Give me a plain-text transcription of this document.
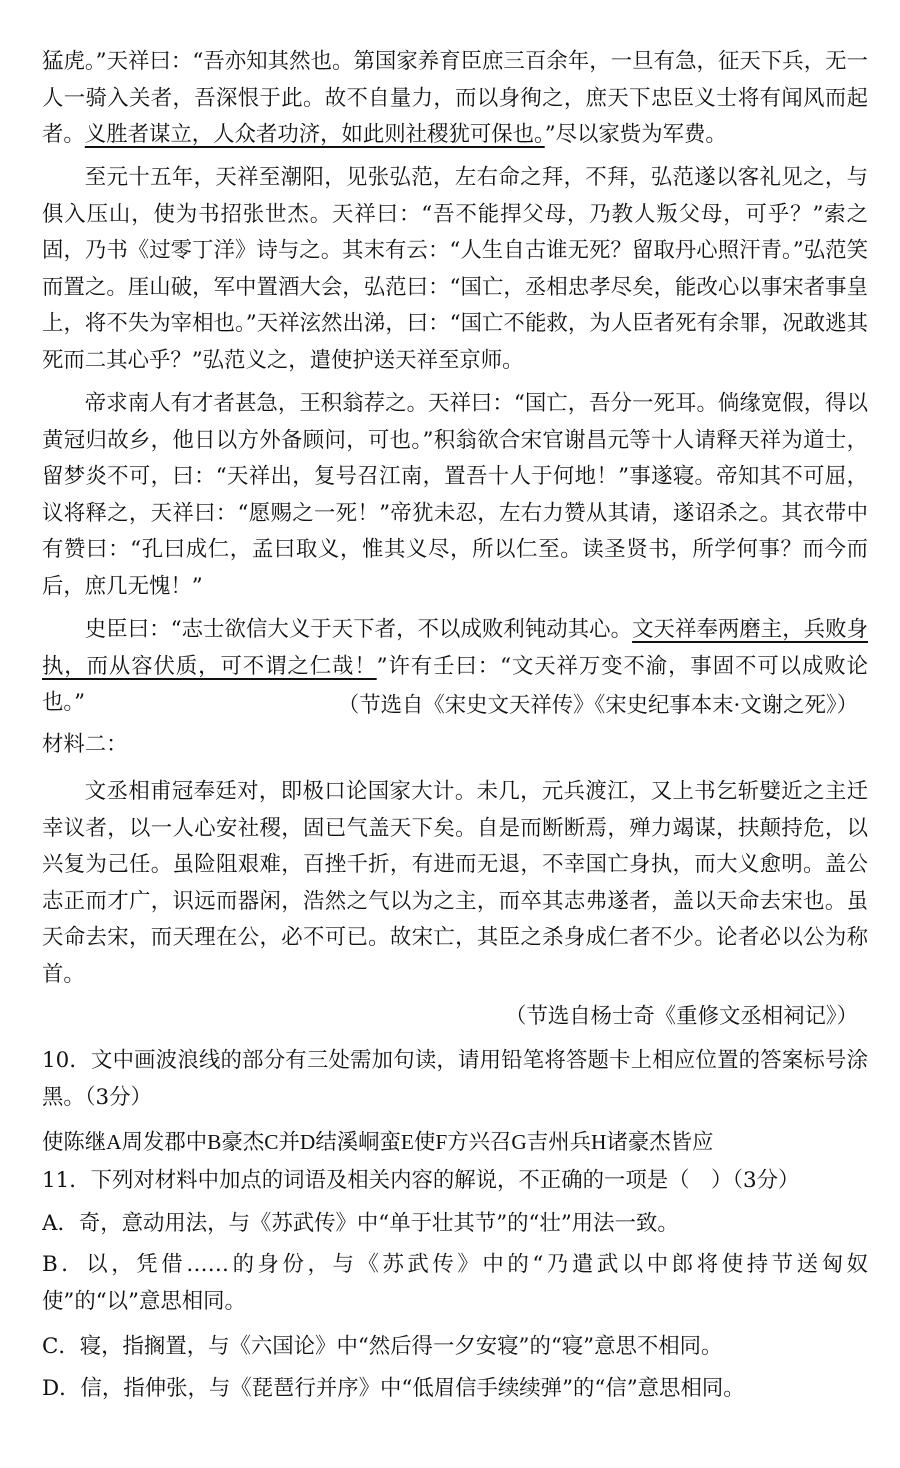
猛虎。”天祥曰：“吾亦知其然也。第国家养育臣庶三百余年，一旦有急，征天下兵，无一人一骑入关者，吾深恨于此。故不自量力，而以身徇之，庶天下忠臣义士将有闻风而起者。义胜者谋立，人众者功济，如此则社稷犹可保也。”尽以家赀为军费。

至元十五年，天祥至潮阳，见张弘范，左右命之拜，不拜，弘范遂以客礼见之，与俱入压山，使为书招张世杰。天祥曰：“吾不能捍父母，乃教人叛父母，可乎？”索之固，乃书《过零丁洋》诗与之。其末有云：“人生自古谁无死？留取丹心照汗青。”弘范笑而置之。厓山破，军中置酒大会，弘范曰：“国亡，丞相忠孝尽矣，能改心以事宋者事皇上，将不失为宰相也。”天祥泫然出涕，曰：“国亡不能救，为人臣者死有余罪，况敢逃其死而二其心乎？”弘范义之，遣使护送天祥至京师。

帝求南人有才者甚急，王积翁荐之。天祥曰：“国亡，吾分一死耳。倘缘宽假，得以黄冠归故乡，他日以方外备顾问，可也。”积翁欲合宋官谢昌元等十人请释天祥为道士，留梦炎不可，曰：“天祥出，复号召江南，置吾十人于何地！”事遂寝。帝知其不可屈，议将释之，天祥曰：“愿赐之一死！”帝犹未忍，左右力赞从其请，遂诏杀之。其衣带中有赞曰：“孔曰成仁，孟曰取义，惟其义尽，所以仁至。读圣贤书，所学何事？而今而后，庶几无愧！”

史臣曰：“志士欲信大义于天下者，不以成败利钝动其心。文天祥奉两磨主，兵败身执，而从容伏质，可不谓之仁哉！”许有壬曰：“文天祥万变不渝，事固不可以成败论也。”	（节选自《宋史文天祥传》《宋史纪事本末·文谢之死》）

材料二：

文丞相甫冠奉廷对，即极口论国家大计。未几，元兵渡江，又上书乞斩嬖近之主迁幸议者，以一人心安社稷，固已气盖天下矣。自是而断断焉，殚力竭谋，扶颠持危，以兴复为己任。虽险阻艰难，百挫千折，有进而无退，不幸国亡身执，而大义愈明。盖公志正而才广，识远而器闲，浩然之气以为之主，而卒其志弗遂者，盖以天命去宋也。虽天命去宋，而天理在公，必不可已。故宋亡，其臣之杀身成仁者不少。论者必以公为称首。

（节选自杨士奇《重修文丞相祠记》）

10．文中画波浪线的部分有三处需加句读，请用铅笔将答题卡上相应位置的答案标号涂黑。（3分）

使陈继A周发郡中B豪杰C并D结溪峒蛮E使F方兴召G吉州兵H诸豪杰皆应

11．下列对材料中加点的词语及相关内容的解说，不正确的一项是（　）（3分）

A．奇，意动用法，与《苏武传》中“单于壮其节”的“壮”用法一致。

B．以，凭借……的身份，与《苏武传》中的“乃遣武以中郎将使持节送匈奴使”的“以”意思相同。

C．寝，指搁置，与《六国论》中“然后得一夕安寝”的“寝”意思不相同。

D．信，指伸张，与《琵琶行并序》中“低眉信手续续弹”的“信”意思相同。
